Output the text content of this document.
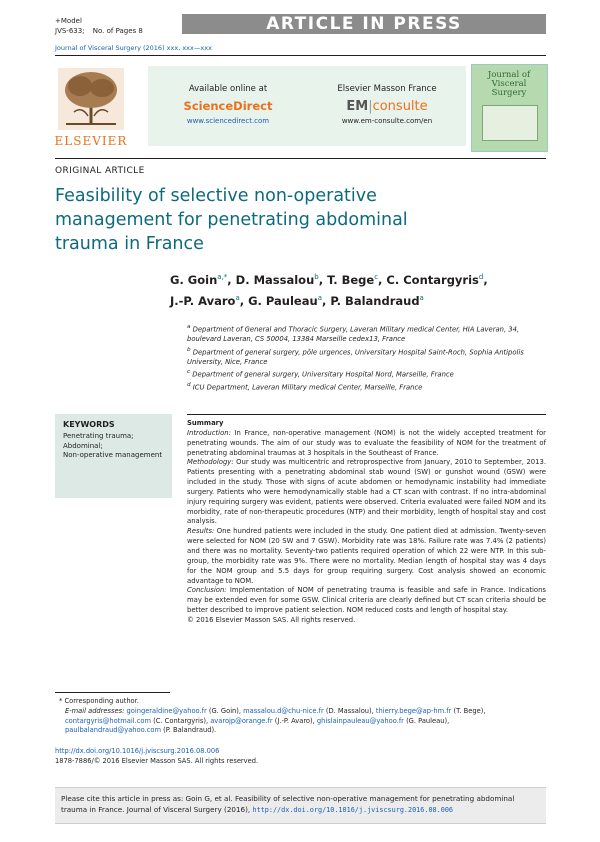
+Model
JVS-633; No. of Pages 8	ARTICLE IN PRESS
Journal of Visceral Surgery (2016) xxx, xxx—xxx
ELSEVIER
Available online at
ScienceDirect
www.sciencedirect.com
Elsevier Masson France
EM|consulte
www.em-consulte.com/en
Journal of Visceral Surgery
ORIGINAL ARTICLE
Feasibility of selective non-operative management for penetrating abdominal trauma in France
G. Goin$^{a,*}$, D. Massalou$^b$, T. Bege$^c$, C. Contargyris$^d$,
J.-P. Avaro$^a$, G. Pauleau$^a$, P. Balandraud$^a$

$^a$ Department of General and Thoracic Surgery, Laveran Military medical Center, HIA Laveran, 34, boulevard Laveran, CS 50004, 13384 Marseille cedex13, France

$^b$ Department of general surgery, pôle urgences, Universitary Hospital Saint-Roch, Sophia Antipolis University, Nice, France

$^c$ Department of general surgery, Universitary Hospital Nord, Marseille, France

$^d$ ICU Department, Laveran Military medical Center, Marseille, France

KEYWORDS
Penetrating trauma;
Abdominal;
Non-operative management

Summary

Introduction: In France, non-operative management (NOM) is not the widely accepted treatment for penetrating wounds. The aim of our study was to evaluate the feasibility of NOM for the treatment of penetrating abdominal traumas at 3 hospitals in the Southeast of France.

Methodology: Our study was multicentric and retroprospective from January, 2010 to September, 2013. Patients presenting with a penetrating abdominal stab wound (SW) or gunshot wound (GSW) were included in the study. Those with signs of acute abdomen or hemodynamic instability had immediate surgery. Patients who were hemodynamically stable had a CT scan with contrast. If no intra-abdominal injury requiring surgery was evident, patients were observed. Criteria evaluated were failed NOM and its morbidity, rate of non-therapeutic procedures (NTP) and their morbidity, length of hospital stay and cost analysis.

Results: One hundred patients were included in the study. One patient died at admission. Twenty-seven were selected for NOM (20 SW and 7 GSW). Morbidity rate was 18%. Failure rate was 7.4% (2 patients) and there was no mortality. Seventy-two patients required operation of which 22 were NTP. In this sub-group, the morbidity rate was 9%. There were no mortality. Median length of hospital stay was 4 days for the NOM group and 5.5 days for group requiring surgery. Cost analysis showed an economic advantage to NOM.

Conclusion: Implementation of NOM of penetrating trauma is feasible and safe in France. Indications may be extended even for some GSW. Clinical criteria are clearly defined but CT scan criteria should be better described to improve patient selection. NOM reduced costs and length of hospital stay.

© 2016 Elsevier Masson SAS. All rights reserved.

* Corresponding author.

E-mail addresses: goingeraldine@yahoo.fr (G. Goin), massalou.d@chu-nice.fr (D. Massalou), thierry.bege@ap-hm.fr (T. Bege), contargyris@hotmail.com (C. Contargyris), avarojp@orange.fr (J.-P. Avaro), ghislainpauleau@yahoo.fr (G. Pauleau), paulbalandraud@yahoo.com (P. Balandraud).

http://dx.doi.org/10.1016/j.jviscsurg.2016.08.006
1878-7886/© 2016 Elsevier Masson SAS. All rights reserved.
Please cite this article in press as: Goin G, et al. Feasibility of selective non-operative management for penetrating abdominal trauma in France. Journal of Visceral Surgery (2016), http://dx.doi.org/10.1016/j.jviscsurg.2016.08.006
